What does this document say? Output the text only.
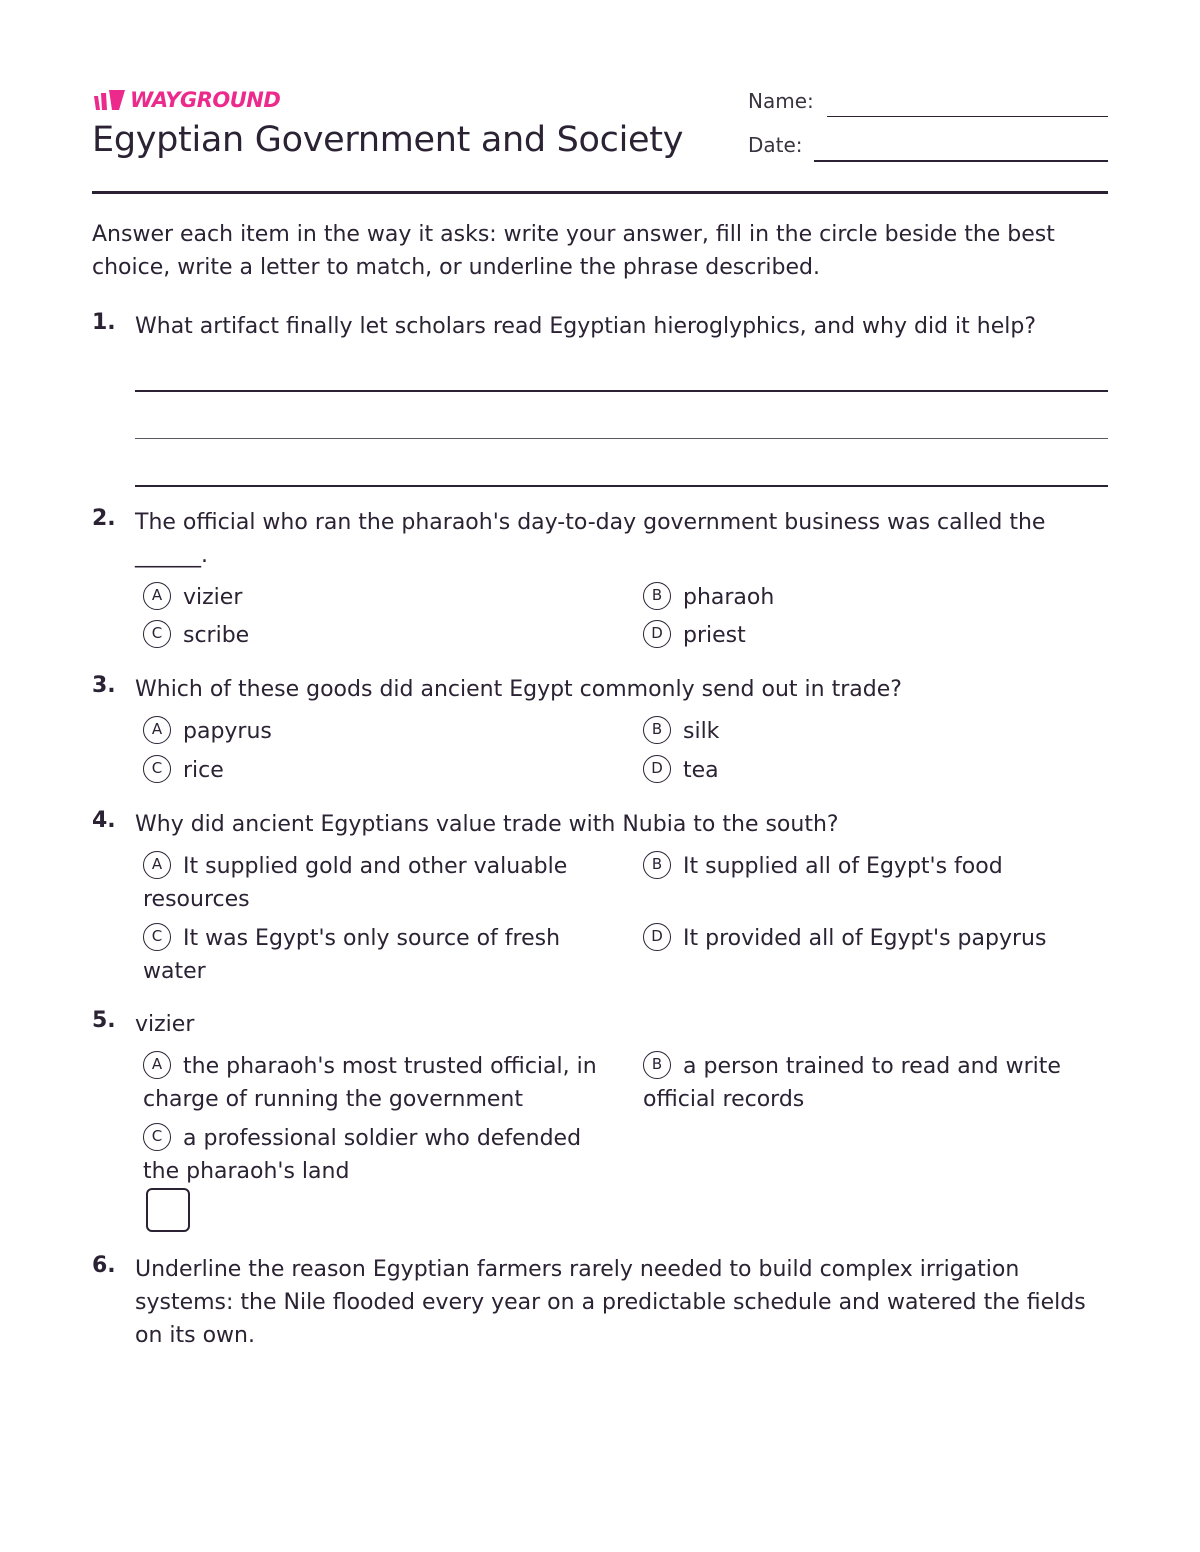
WAYGROUND
Egyptian Government and Society
Name:
Date:
Answer each item in the way it asks: write your answer, fill in the circle beside the best choice, write a letter to match, or underline the phrase described.
1. What artifact finally let scholars read Egyptian hieroglyphics, and why did it help?
2. The official who ran the pharaoh's day-to-day government business was called the ______.
A vizier	B pharaoh
C scribe	D priest
3. Which of these goods did ancient Egypt commonly send out in trade?
A papyrus	B silk
C rice	D tea
4. Why did ancient Egyptians value trade with Nubia to the south?
A It supplied gold and other valuable resources
B It supplied all of Egypt's food
C It was Egypt's only source of fresh water
D It provided all of Egypt's papyrus
5. vizier
A the pharaoh's most trusted official, in charge of running the government
B a person trained to read and write official records
C a professional soldier who defended the pharaoh's land
6. Underline the reason Egyptian farmers rarely needed to build complex irrigation systems: the Nile flooded every year on a predictable schedule and watered the fields on its own.
